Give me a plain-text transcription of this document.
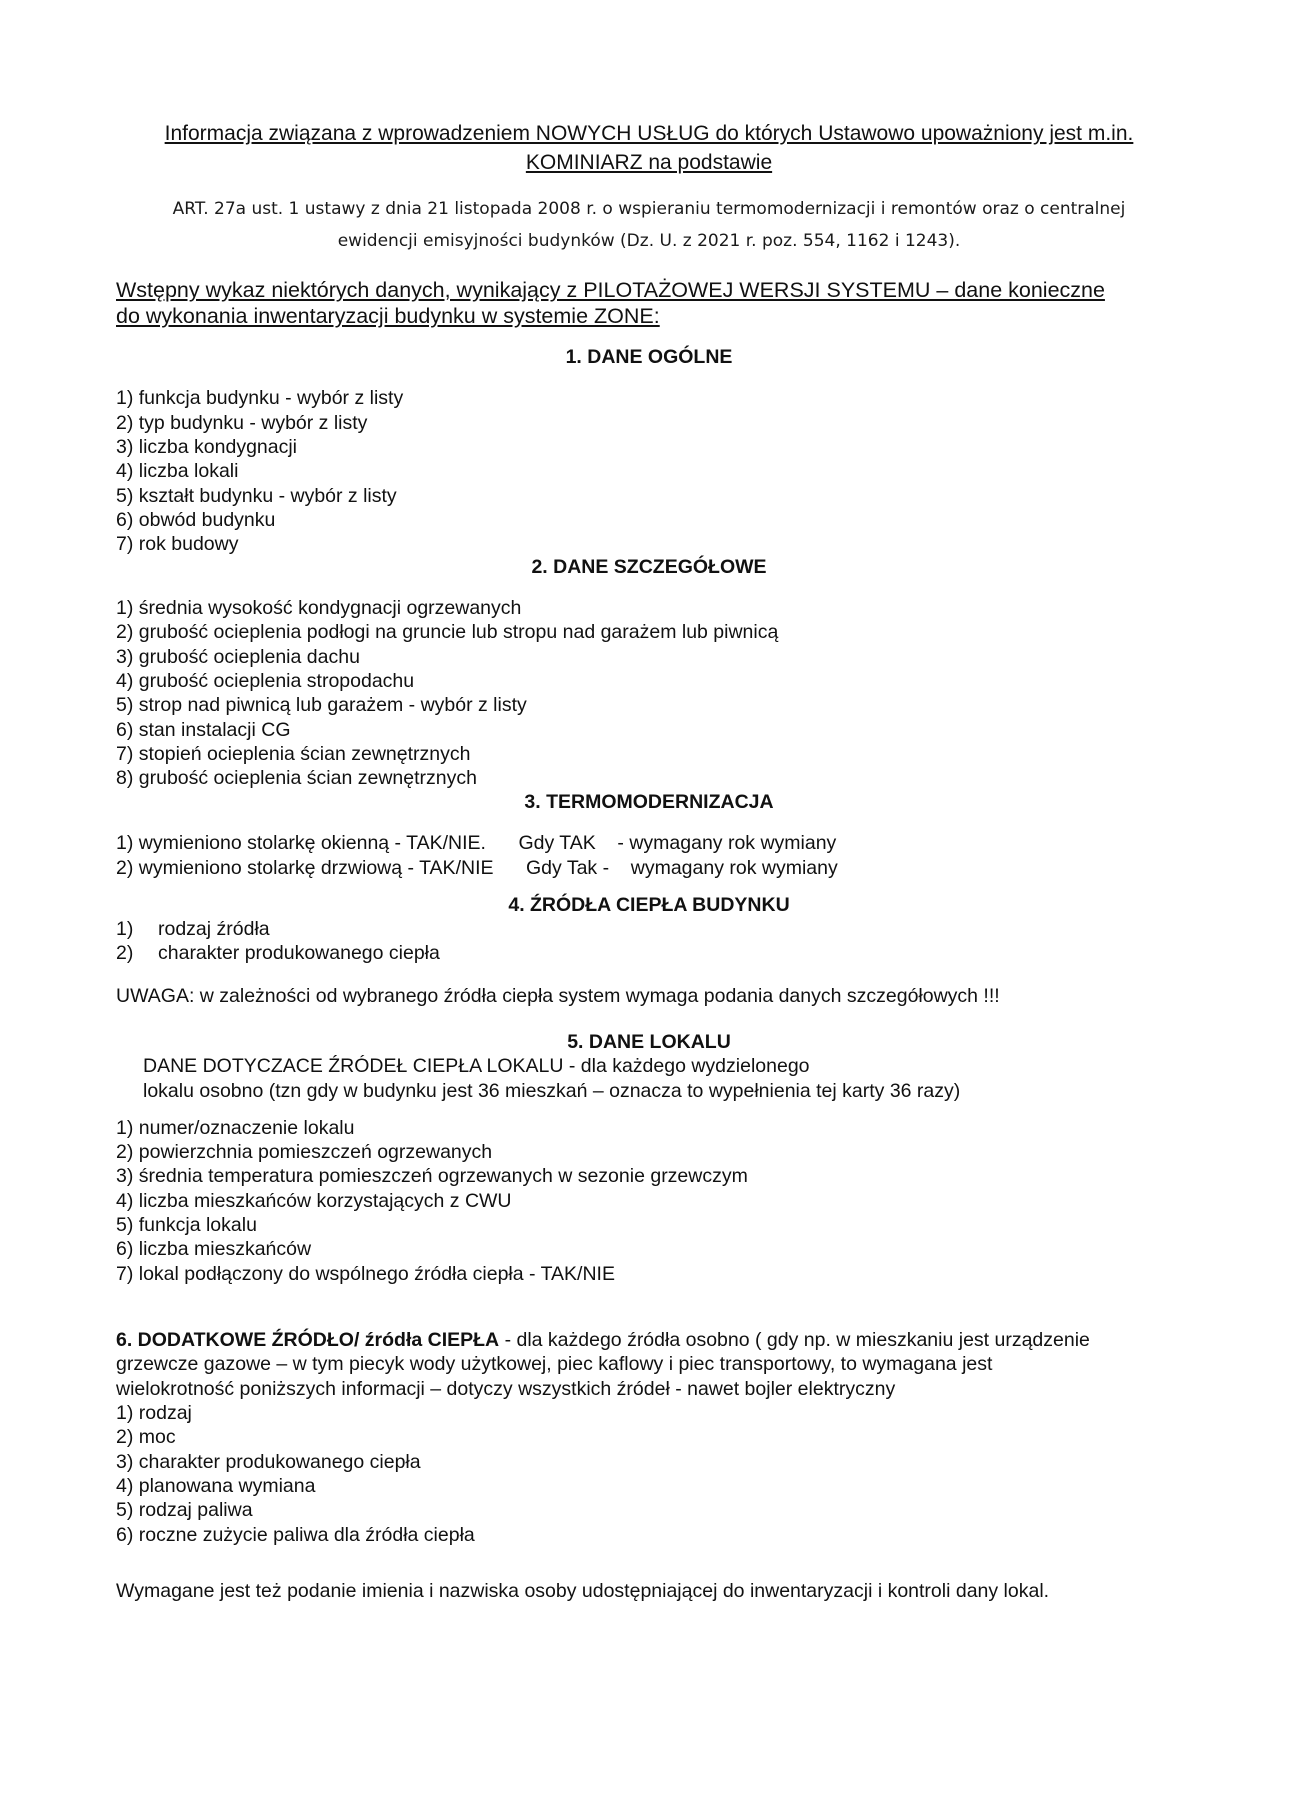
Informacja związana z wprowadzeniem NOWYCH USŁUG do których Ustawowo upoważniony jest m.in.
KOMINIARZ na podstawie
ART. 27a ust. 1 ustawy z dnia 21 listopada 2008 r. o wspieraniu termomodernizacji i remontów oraz o centralnej
ewidencji emisyjności budynków (Dz. U. z 2021 r. poz. 554, 1162 i 1243).
Wstępny wykaz niektórych danych, wynikający z PILOTAŻOWEJ WERSJI SYSTEMU – dane konieczne
do wykonania inwentaryzacji budynku w systemie ZONE:
1. DANE OGÓLNE
1) funkcja budynku - wybór z listy
2) typ budynku - wybór z listy
3) liczba kondygnacji
4) liczba lokali
5) kształt budynku - wybór z listy
6) obwód budynku
7) rok budowy
2. DANE SZCZEGÓŁOWE
1) średnia wysokość kondygnacji ogrzewanych
2) grubość ocieplenia podłogi na gruncie lub stropu nad garażem lub piwnicą
3) grubość ocieplenia dachu
4) grubość ocieplenia stropodachu
5) strop nad piwnicą lub garażem - wybór z listy
6) stan instalacji CG
7) stopień ocieplenia ścian zewnętrznych
8) grubość ocieplenia ścian zewnętrznych
3. TERMOMODERNIZACJA
1) wymieniono stolarkę okienną - TAK/NIE.      Gdy TAK    - wymagany rok wymiany
2) wymieniono stolarkę drzwiową - TAK/NIE      Gdy Tak -    wymagany rok wymiany
4. ŹRÓDŁA CIEPŁA BUDYNKU
1) rodzaj źródła
2) charakter produkowanego ciepła
UWAGA: w zależności od wybranego źródła ciepła system wymaga podania danych szczegółowych !!!
5. DANE LOKALU
DANE DOTYCZACE ŹRÓDEŁ CIEPŁA LOKALU - dla każdego wydzielonego
lokalu osobno (tzn gdy w budynku jest 36 mieszkań – oznacza to wypełnienia tej karty 36 razy)
1) numer/oznaczenie lokalu
2) powierzchnia pomieszczeń ogrzewanych
3) średnia temperatura pomieszczeń ogrzewanych w sezonie grzewczym
4) liczba mieszkańców korzystających z CWU
5) funkcja lokalu
6) liczba mieszkańców
7) lokal podłączony do wspólnego źródła ciepła - TAK/NIE
6. DODATKOWE ŹRÓDŁO/ źródła CIEPŁA - dla każdego źródła osobno ( gdy np. w mieszkaniu jest urządzenie
grzewcze gazowe – w tym piecyk wody użytkowej, piec kaflowy i piec transportowy, to wymagana jest
wielokrotność poniższych informacji – dotyczy wszystkich źródeł - nawet bojler elektryczny
1) rodzaj
2) moc
3) charakter produkowanego ciepła
4) planowana wymiana
5) rodzaj paliwa
6) roczne zużycie paliwa dla źródła ciepła
Wymagane jest też podanie imienia i nazwiska osoby udostępniającej do inwentaryzacji i kontroli dany lokal.
